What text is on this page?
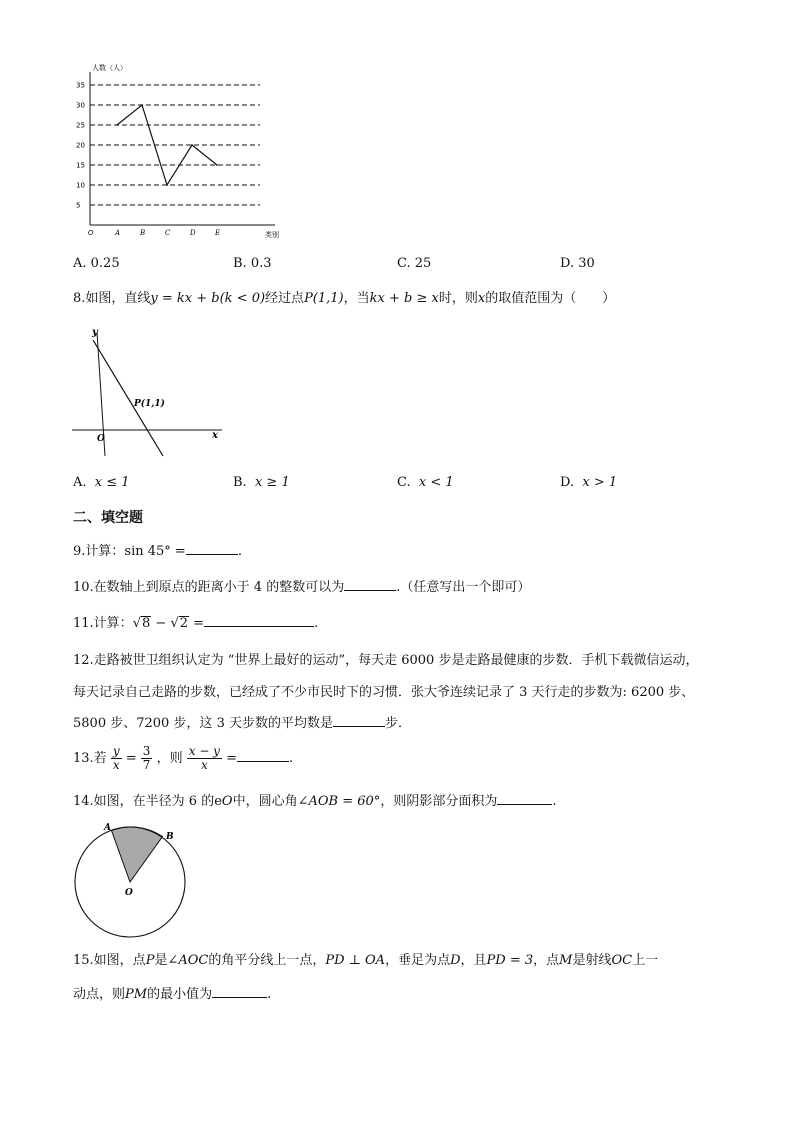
5
10
15
20
25
30
35
A	B	C	D	E
人数（人）
类别
O
A. 0.25	B. 0.3	C. 25	D. 30
8.如图，直线y = kx + b(k < 0)经过点P(1,1)，当kx + b ≥ x时，则x的取值范围为（　　）
y
x
O
P(1,1)
A. x ≤ 1	B. x ≥ 1	C. x < 1	D. x > 1
二、填空题
9.计算：sin 45° =	.
10.在数轴上到原点的距离小于 4 的整数可以为	.（任意写出一个即可）
11.计算：√8 − √2 =	.
12.走路被世卫组织认定为 “世界上最好的运动”，每天走 6000 步是走路最健康的步数．手机下载微信运动，
每天记录自己走路的步数，已经成了不少市民时下的习惯．张大爷连续记录了 3 天行走的步数为: 6200 步、
5800 步、7200 步，这 3 天步数的平均数是	步．
13.若 $\frac{y}{x} = \frac{3}{7}$ ，则 $\frac{x - y}{x}$ =	.
14.如图，在半径为 6 的eO中，圆心角∠AOB = 60°，则阴影部分面积为	.
A
B
O
15.如图，点P是∠AOC的角平分线上一点，PD ⊥ OA，垂足为点D，且PD = 3，点M是射线OC上一
动点，则PM的最小值为	.
